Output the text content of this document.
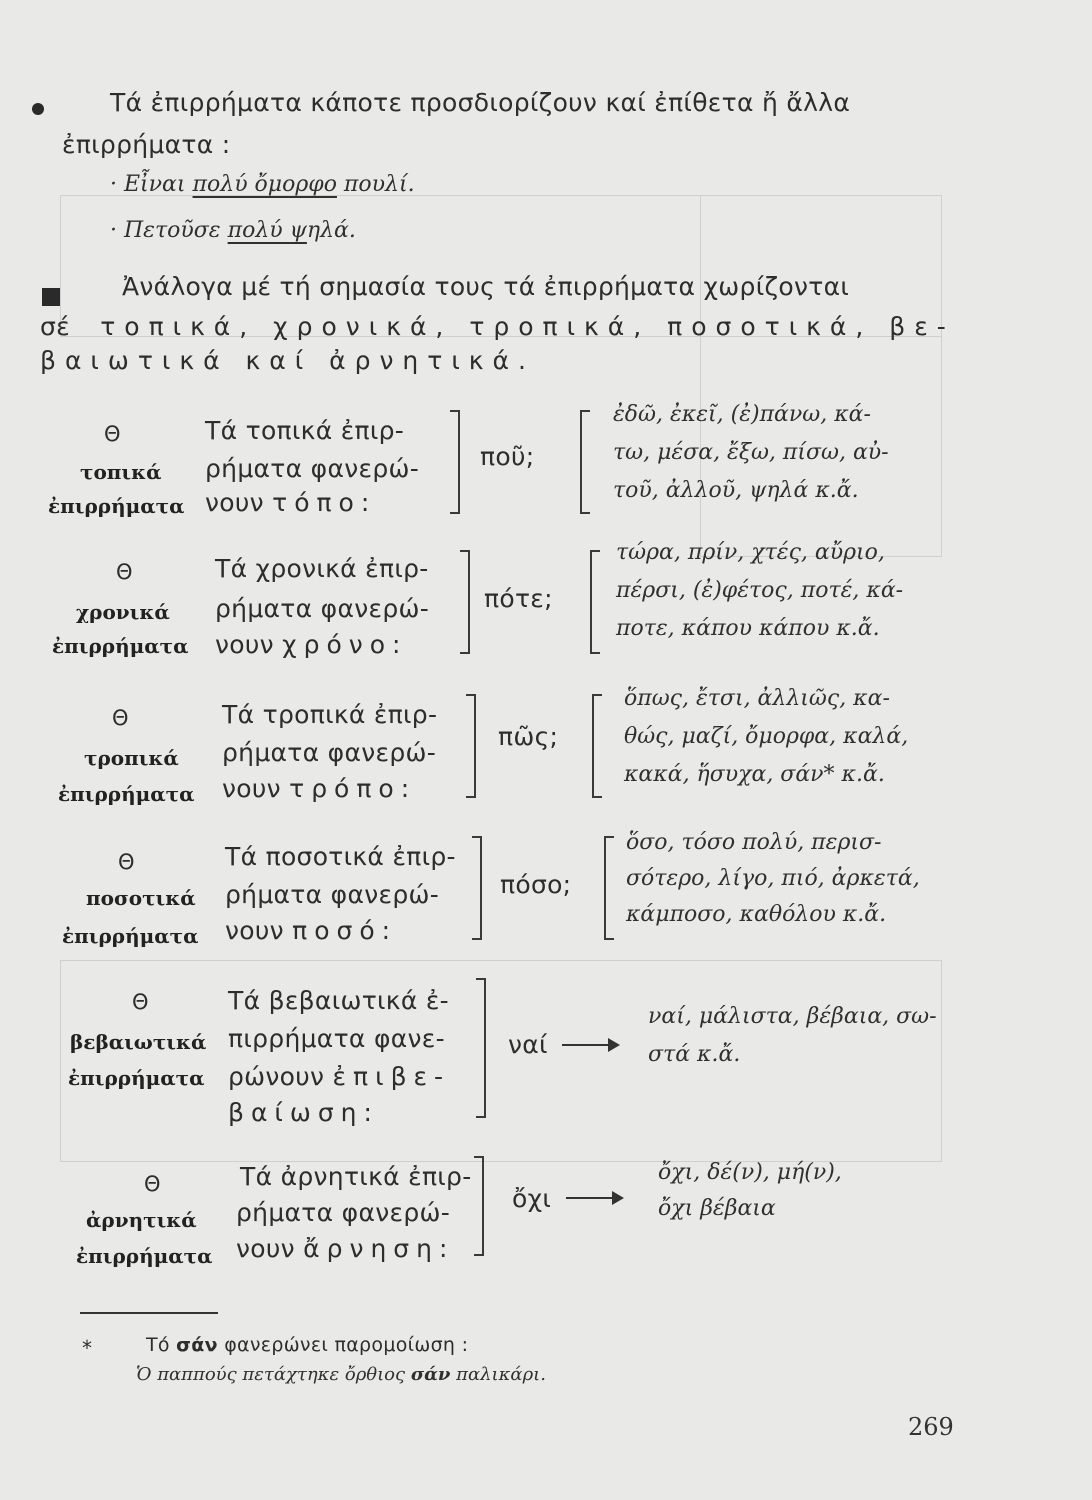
Τά ἐπιρρήματα κάποτε προσδιορίζουν καί ἐπίθετα ἤ ἄλλα
ἐπιρρήματα :
· Εἶναι πολύ ὄμορφο πουλί.
· Πετοῦσε πολύ ψηλά.
Ἀνάλογα μέ τή σημασία τους τά ἐπιρρήματα χωρίζονται
σέ τοπικά, χρονικά, τροπικά, ποσοτικά, βε-
βαιωτικά καί ἀρνητικά.
Θ
τοπικά
ἐπιρρήματα
Τά τοπικά ἐπιρ-
ρήματα φανερώ-
νουν τόπο:
ποῦ;
ἐδῶ, ἐκεῖ, (ἐ)πάνω, κά-
τω, μέσα, ἔξω, πίσω, αὐ-
τοῦ, ἀλλοῦ, ψηλά κ.ἄ.
Θ
χρονικά
ἐπιρρήματα
Τά χρονικά ἐπιρ-
ρήματα φανερώ-
νουν χρόνο:
πότε;
τώρα, πρίν, χτές, αὔριο,
πέρσι, (ἐ)φέτος, ποτέ, κά-
ποτε, κάπου κάπου κ.ἄ.
Θ
τροπικά
ἐπιρρήματα
Τά τροπικά ἐπιρ-
ρήματα φανερώ-
νουν τρόπο:
πῶς;
ὅπως, ἔτσι, ἀλλιῶς, κα-
θώς, μαζί, ὄμορφα, καλά,
κακά, ἥσυχα, σάν* κ.ἄ.
Θ
ποσοτικά
ἐπιρρήματα
Τά ποσοτικά ἐπιρ-
ρήματα φανερώ-
νουν ποσό:
πόσο;
ὅσο, τόσο πολύ, περισ-
σότερο, λίγο, πιό, ἀρκετά,
κάμποσο, καθόλου κ.ἄ.
Θ
βεβαιωτικά
ἐπιρρήματα
Τά βεβαιωτικά ἐ-
πιρρήματα φανε-
ρώνουν ἐπιβε-
βαίωση:
ναί
ναί, μάλιστα, βέβαια, σω-
στά κ.ἄ.
Θ
ἀρνητικά
ἐπιρρήματα
Τά ἀρνητικά ἐπιρ-
ρήματα φανερώ-
νουν ἄρνηση:
ὄχι
ὄχι, δέ(ν), μή(ν),
ὄχι βέβαια
*	Τό σάν φανερώνει παρομοίωση :
Ὁ παππούς πετάχτηκε ὄρθιος σάν παλικάρι.
269
